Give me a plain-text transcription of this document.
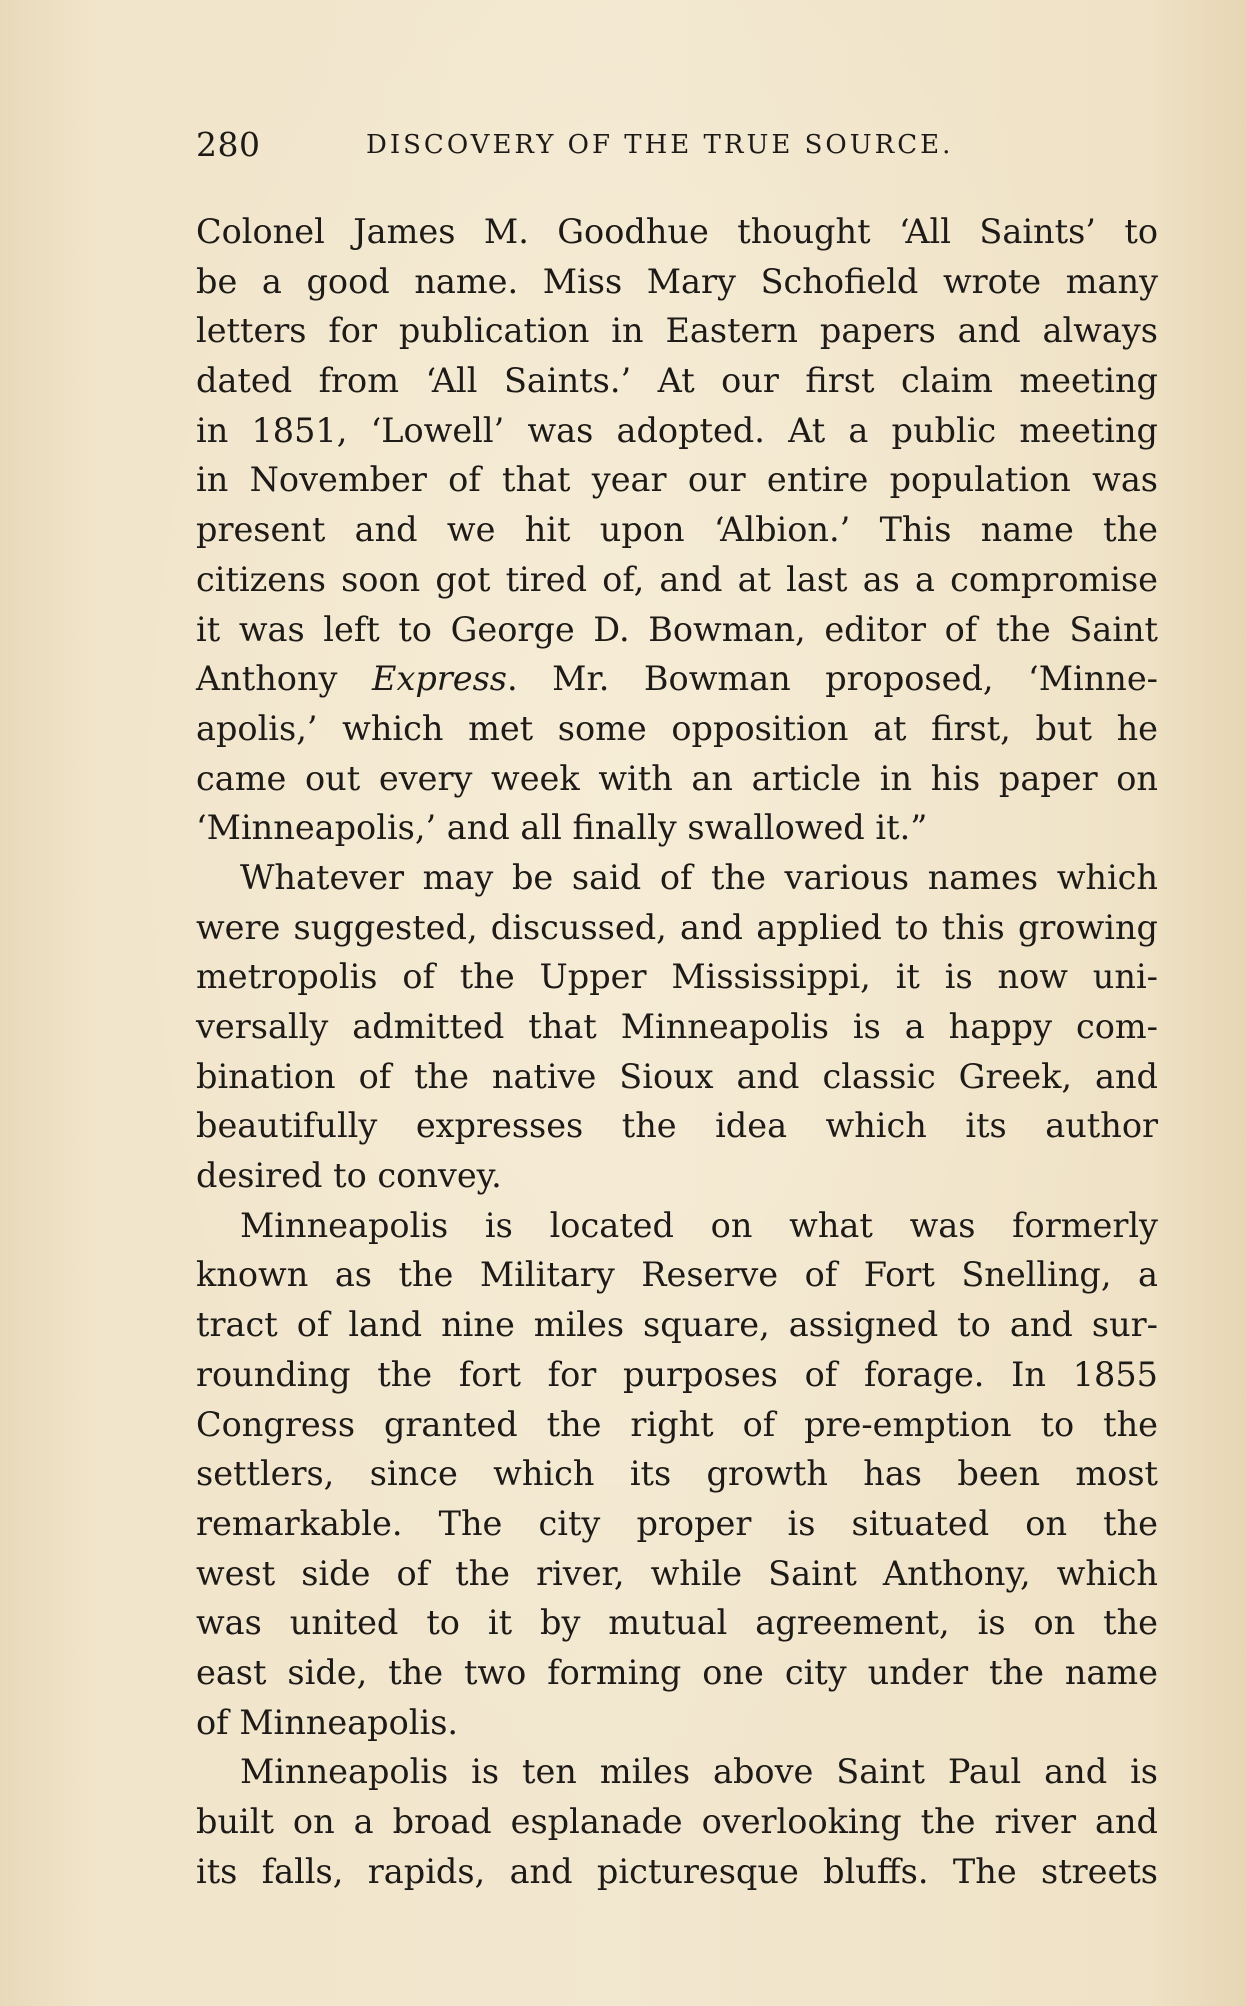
280	DISCOVERY OF THE TRUE SOURCE.
Colonel James M. Goodhue thought ‘All Saints’ to
be a good name. Miss Mary Schofield wrote many
letters for publication in Eastern papers and always
dated from ‘All Saints.’ At our first claim meeting
in 1851, ‘Lowell’ was adopted. At a public meeting
in November of that year our entire population was
present and we hit upon ‘Albion.’ This name the
citizens soon got tired of, and at last as a compromise
it was left to George D. Bowman, editor of the Saint
Anthony Express. Mr. Bowman proposed, ‘Minne-
apolis,’ which met some opposition at first, but he
came out every week with an article in his paper on
‘Minneapolis,’ and all finally swallowed it.”
Whatever may be said of the various names which
were suggested, discussed, and applied to this growing
metropolis of the Upper Mississippi, it is now uni-
versally admitted that Minneapolis is a happy com-
bination of the native Sioux and classic Greek, and
beautifully expresses the idea which its author
desired to convey.
Minneapolis is located on what was formerly
known as the Military Reserve of Fort Snelling, a
tract of land nine miles square, assigned to and sur-
rounding the fort for purposes of forage. In 1855
Congress granted the right of pre-emption to the
settlers, since which its growth has been most
remarkable. The city proper is situated on the
west side of the river, while Saint Anthony, which
was united to it by mutual agreement, is on the
east side, the two forming one city under the name
of Minneapolis.
Minneapolis is ten miles above Saint Paul and is
built on a broad esplanade overlooking the river and
its falls, rapids, and picturesque bluffs. The streets
